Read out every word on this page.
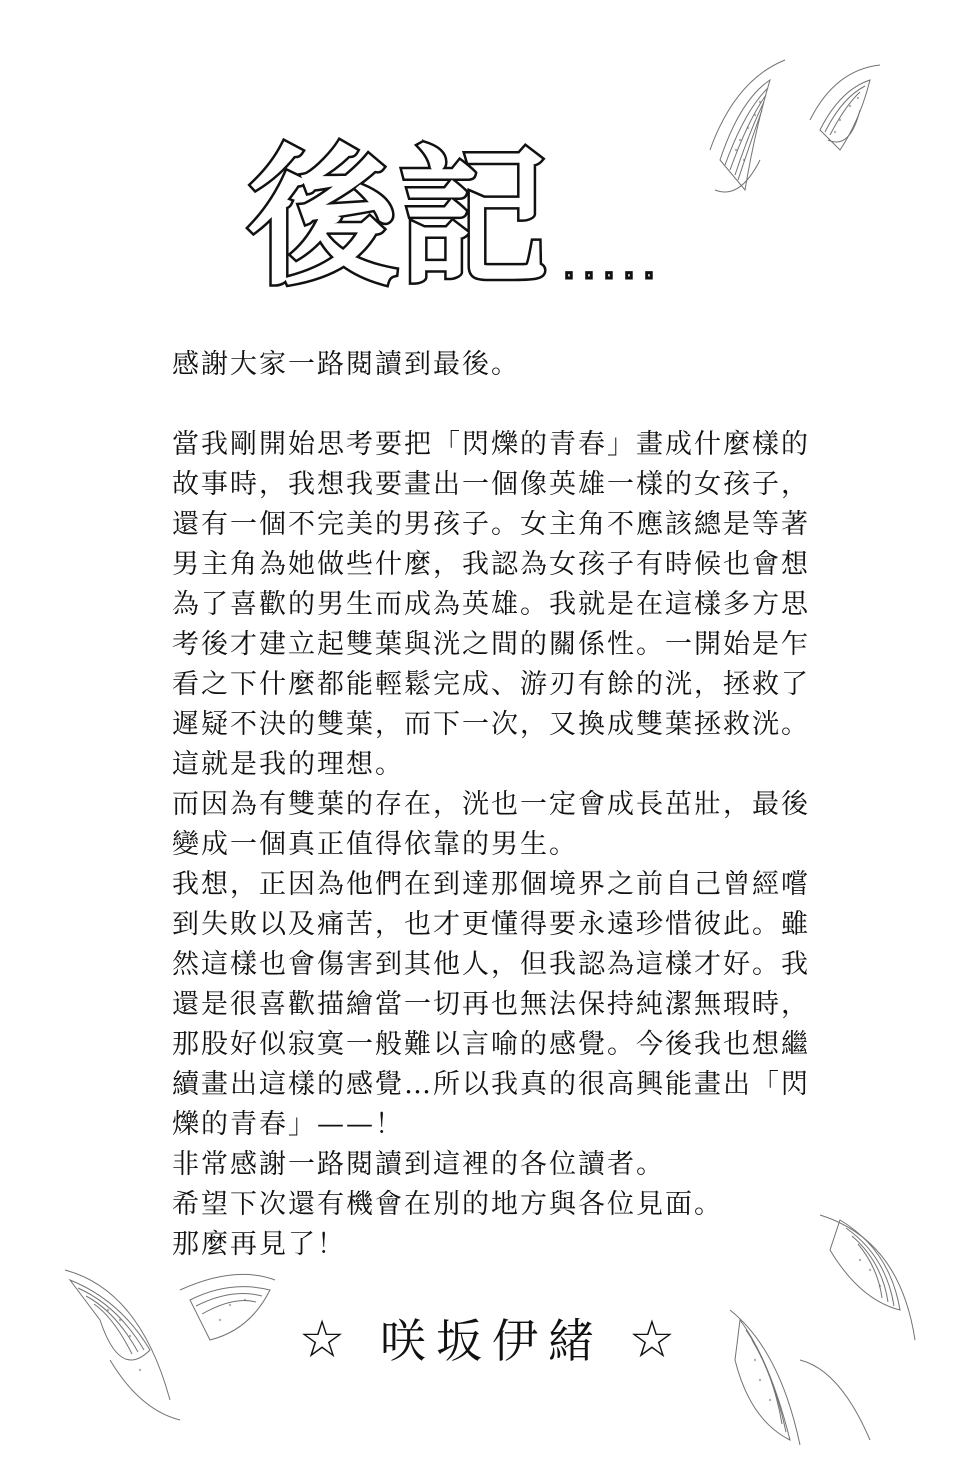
後記 .....

感謝大家一路閱讀到最後。

當我剛開始思考要把「閃爍的青春」畫成什麼樣的

故事時，我想我要畫出一個像英雄一樣的女孩子，

還有一個不完美的男孩子。女主角不應該總是等著

男主角為她做些什麼，我認為女孩子有時候也會想

為了喜歡的男生而成為英雄。我就是在這樣多方思

考後才建立起雙葉與洸之間的關係性。一開始是乍

看之下什麼都能輕鬆完成、游刃有餘的洸，拯救了

遲疑不決的雙葉，而下一次，又換成雙葉拯救洸。

這就是我的理想。

而因為有雙葉的存在，洸也一定會成長茁壯，最後

變成一個真正值得依靠的男生。

我想，正因為他們在到達那個境界之前自己曾經嚐

到失敗以及痛苦，也才更懂得要永遠珍惜彼此。雖

然這樣也會傷害到其他人，但我認為這樣才好。我

還是很喜歡描繪當一切再也無法保持純潔無瑕時，

那股好似寂寞一般難以言喻的感覺。今後我也想繼

續畫出這樣的感覺…所以我真的很高興能畫出「閃

爍的青春」——！

非常感謝一路閱讀到這裡的各位讀者。

希望下次還有機會在別的地方與各位見面。

那麼再見了！

☆ 咲坂伊緒 ☆
